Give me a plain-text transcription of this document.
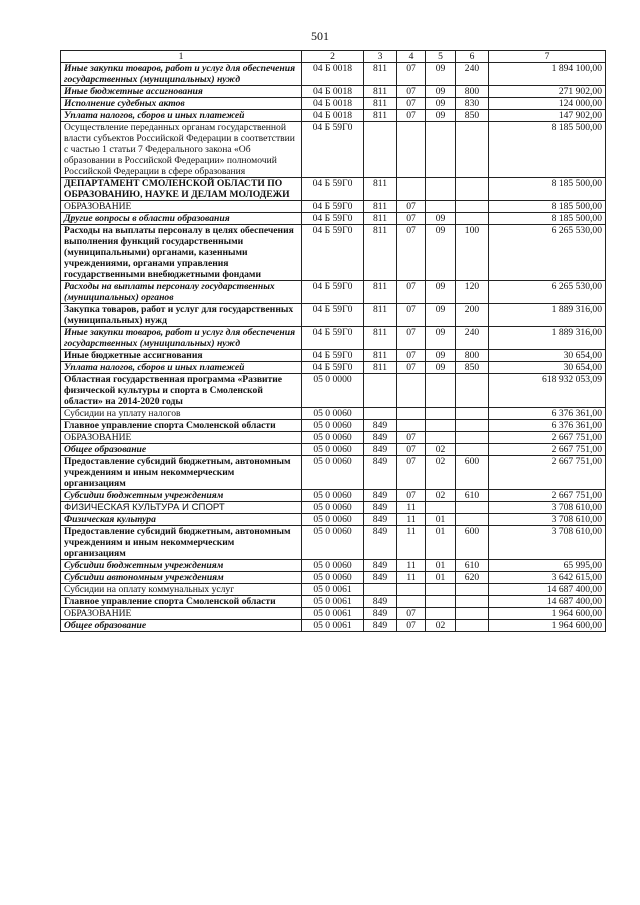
501
1	2	3	4	5	6	7
Иные закупки товаров, работ и услуг для обеспечения государственных (муниципальных) нужд	04 Б 0018	811	07	09	240	1 894 100,00
Иные бюджетные ассигнования	04 Б 0018	811	07	09	800	271 902,00
Исполнение судебных актов	04 Б 0018	811	07	09	830	124 000,00
Уплата налогов, сборов и иных платежей	04 Б 0018	811	07	09	850	147 902,00
Осуществление переданных органам государственной власти субъектов Российской Федерации в соответствии с частью 1 статьи 7 Федерального закона «Об образовании в Российской Федерации» полномочий Российской Федерации в сфере образования	04 Б 59Г0					8 185 500,00
ДЕПАРТАМЕНТ СМОЛЕНСКОЙ ОБЛАСТИ ПО ОБРАЗОВАНИЮ, НАУКЕ И ДЕЛАМ МОЛОДЕЖИ	04 Б 59Г0	811				8 185 500,00
ОБРАЗОВАНИЕ	04 Б 59Г0	811	07			8 185 500,00
Другие вопросы в области образования	04 Б 59Г0	811	07	09		8 185 500,00
Расходы на выплаты персоналу в целях обеспечения выполнения функций государственными (муниципальными) органами, казенными учреждениями, органами управления государственными внебюджетными фондами	04 Б 59Г0	811	07	09	100	6 265 530,00
Расходы на выплаты персоналу государственных (муниципальных) органов	04 Б 59Г0	811	07	09	120	6 265 530,00
Закупка товаров, работ и услуг для государственных (муниципальных) нужд	04 Б 59Г0	811	07	09	200	1 889 316,00
Иные закупки товаров, работ и услуг для обеспечения государственных (муниципальных) нужд	04 Б 59Г0	811	07	09	240	1 889 316,00
Иные бюджетные ассигнования	04 Б 59Г0	811	07	09	800	30 654,00
Уплата налогов, сборов и иных платежей	04 Б 59Г0	811	07	09	850	30 654,00
Областная государственная программа «Развитие физической культуры и спорта в Смоленской области» на 2014-2020 годы	05 0 0000					618 932 053,09
Субсидии на уплату налогов	05 0 0060					6 376 361,00
Главное управление спорта Смоленской области	05 0 0060	849				6 376 361,00
ОБРАЗОВАНИЕ	05 0 0060	849	07			2 667 751,00
Общее образование	05 0 0060	849	07	02		2 667 751,00
Предоставление субсидий бюджетным, автономным учреждениям и иным некоммерческим организациям	05 0 0060	849	07	02	600	2 667 751,00
Субсидии бюджетным учреждениям	05 0 0060	849	07	02	610	2 667 751,00
ФИЗИЧЕСКАЯ КУЛЬТУРА И СПОРТ	05 0 0060	849	11			3 708 610,00
Физическая культура	05 0 0060	849	11	01		3 708 610,00
Предоставление субсидий бюджетным, автономным учреждениям и иным некоммерческим организациям	05 0 0060	849	11	01	600	3 708 610,00
Субсидии бюджетным учреждениям	05 0 0060	849	11	01	610	65 995,00
Субсидии автономным учреждениям	05 0 0060	849	11	01	620	3 642 615,00
Субсидии на оплату коммунальных услуг	05 0 0061					14 687 400,00
Главное управление спорта Смоленской области	05 0 0061	849				14 687 400,00
ОБРАЗОВАНИЕ	05 0 0061	849	07			1 964 600,00
Общее образование	05 0 0061	849	07	02		1 964 600,00
